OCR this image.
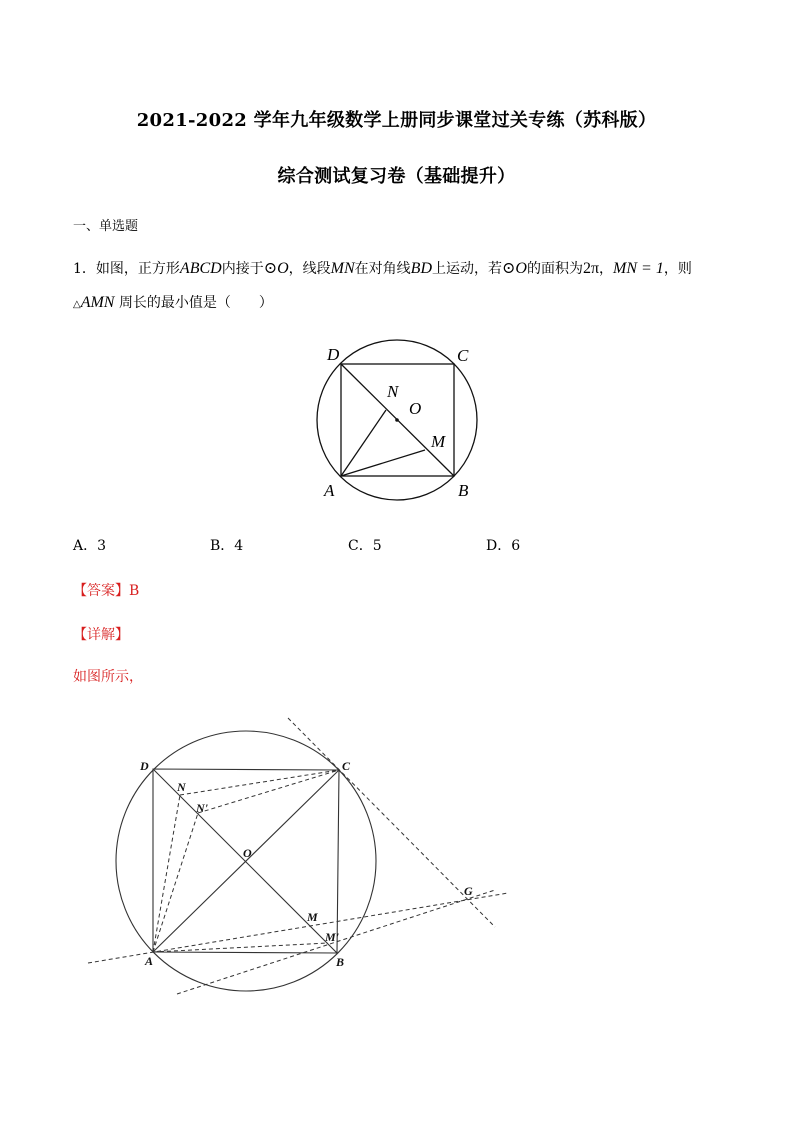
2021-2022 学年九年级数学上册同步课堂过关专练（苏科版）
综合测试复习卷（基础提升）
一、单选题
1．如图，正方形ABCD内接于⊙O，线段MN在对角线BD上运动，若⊙O的面积为2π，MN = 1，则
△AMN 周长的最小值是（　　）
D	C
N
O
M
A	B
A．3	B．4	C．5	D．6
【答案】B
【详解】
如图所示，
D	C
N
N'
O
M
M'
G
A	B
